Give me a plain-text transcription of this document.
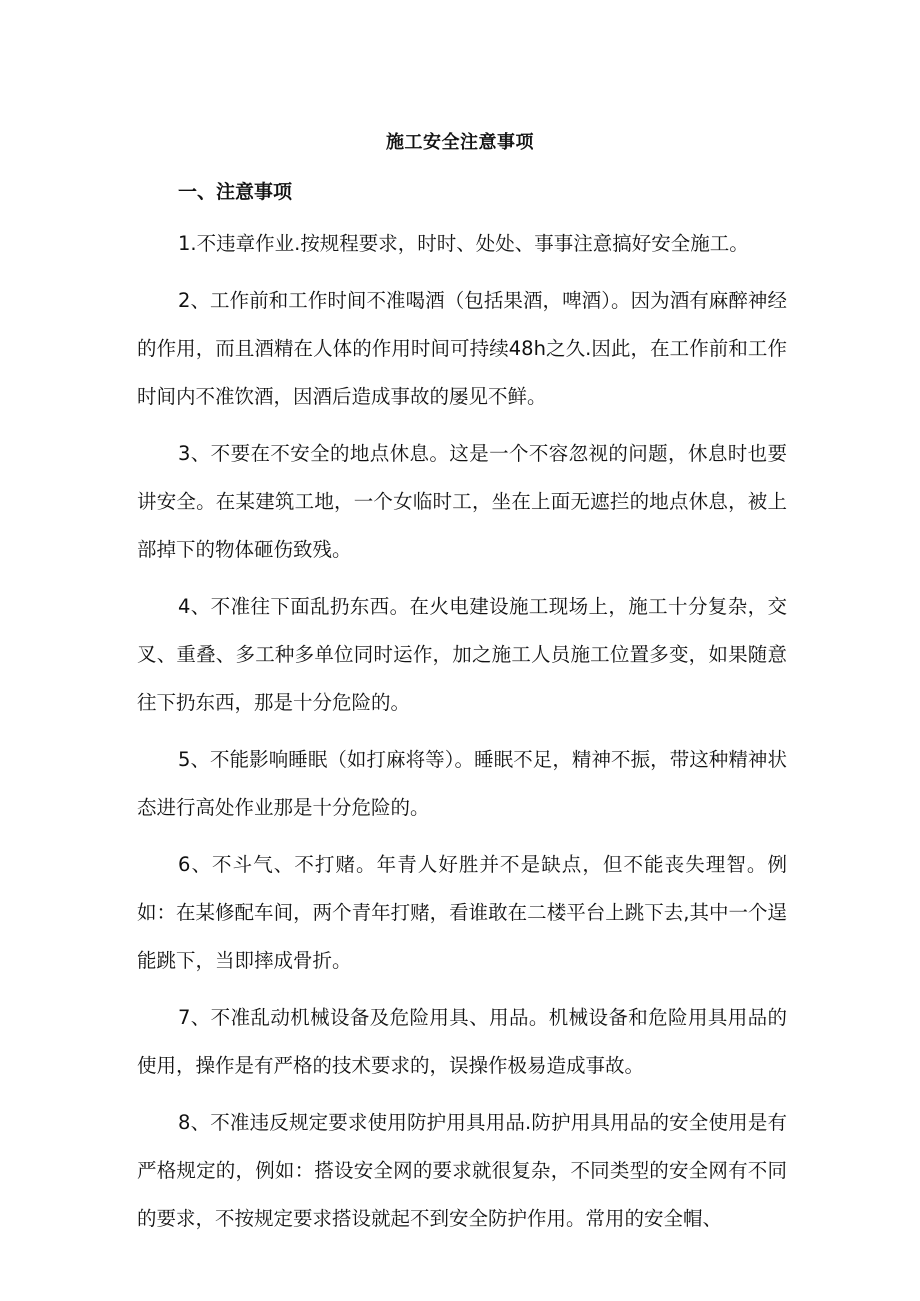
施工安全注意事项
一、注意事项

1.不违章作业.按规程要求，时时、处处、事事注意搞好安全施工。

2、工作前和工作时间不准喝酒（包括果酒，啤酒）。因为酒有麻醉神经的作用，而且酒精在人体的作用时间可持续48h之久.因此，在工作前和工作时间内不准饮酒，因酒后造成事故的屡见不鲜。

3、不要在不安全的地点休息。这是一个不容忽视的问题，休息时也要讲安全。在某建筑工地，一个女临时工，坐在上面无遮拦的地点休息，被上部掉下的物体砸伤致残。

4、不准往下面乱扔东西。在火电建设施工现场上，施工十分复杂，交叉、重叠、多工种多单位同时运作，加之施工人员施工位置多变，如果随意往下扔东西，那是十分危险的。

5、不能影响睡眠（如打麻将等）。睡眠不足，精神不振，带这种精神状态进行高处作业那是十分危险的。

6、不斗气、不打赌。年青人好胜并不是缺点，但不能丧失理智。例如：在某修配车间，两个青年打赌，看谁敢在二楼平台上跳下去,其中一个逞能跳下，当即摔成骨折。

7、不准乱动机械设备及危险用具、用品。机械设备和危险用具用品的使用，操作是有严格的技术要求的，误操作极易造成事故。

8、不准违反规定要求使用防护用具用品.防护用具用品的安全使用是有严格规定的，例如：搭设安全网的要求就很复杂，不同类型的安全网有不同的要求，不按规定要求搭设就起不到安全防护作用。常用的安全帽、
